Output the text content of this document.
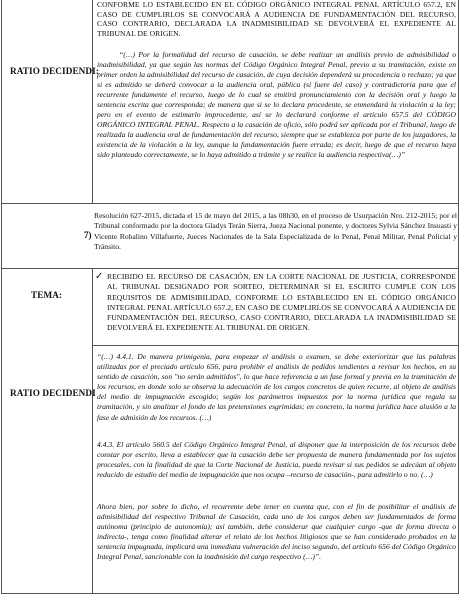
CONFORME LO ESTABLECIDO EN EL CÓDIGO ORGÁNICO INTEGRAL PENAL ARTÍCULO 657.2, EN CASO DE CUMPLIRLOS SE CONVOCARÁ A AUDIENCIA DE FUNDAMENTACIÓN DEL RECURSO, CASO CONTRARIO, DECLARADA LA INADMISIBILIDAD SE DEVOLVERÁ EL EXPEDIENTE AL TRIBUNAL DE ORIGEN.
RATIO DECIDENDI:
“(…) Por la formalidad del recurso de casación, se debe realizar un análisis previo de admisibilidad o inadmisibilidad, ya que según las normas del Código Orgánico Integral Penal, previo a su tramitación, existe en primer orden la admisibilidad del recurso de casación, de cuya decisión dependerá su procedencia o rechazo; ya que si es admitido se deberá convocar a la audiencia oral, pública (si fuere del caso) y contradictoria para que el recurrente fundamente el recurso, luego de lo cual se emitirá pronunciamiento con la decisión oral y luego la sentencia escrita que corresponda; de manera que si se lo declara procedente, se enmendará la violación a la ley; pero en el evento de estimarlo improcedente, así se lo declarará conforme el artículo 657.5 del CÓDIGO ORGÁNICO INTEGRAL PENAL. Respecto a la casación de oficio, sólo podrá ser aplicada por el Tribunal, luego de realizada la audiencia oral de fundamentación del recurso, siempre que se establezca por parte de los juzgadores, la existencia de la violación a la ley, aunque la fundamentación fuere errada; es decir, luego de que el recurso haya sido planteado correctamente, se lo haya admitido a trámite y se realice la audiencia respectiva(…)”
7)
Resolución 627-2015, dictada el 15 de mayo del 2015, a las 08h30, en el proceso de Usurpación Nro. 212-2015; por el Tribunal conformado por la doctora Gladys Terán Sierra, Jueza Nacional ponente, y doctores Sylvia Sánchez Insuasti y Vicente Robalino Villafuerte, Jueces Nacionales de la Sala Especializada de lo Penal, Penal Militar, Penal Policial y Tránsito.
TEMA:
✓ RECIBIDO EL RECURSO DE CASACIÓN, EN LA CORTE NACIONAL DE JUSTICIA, CORRESPONDE AL TRIBUNAL DESIGNADO POR SORTEO, DETERMINAR SI EL ESCRITO CUMPLE CON LOS REQUISITOS DE ADMISIBILIDAD, CONFORME LO ESTABLECIDO EN EL CÓDIGO ORGÁNICO INTEGRAL PENAL ARTÍCULO 657.2, EN CASO DE CUMPLIRLOS SE CONVOCARÁ A AUDIENCIA DE FUNDAMENTACIÓN DEL RECURSO, CASO CONTRARIO, DECLARADA LA INADMISIBILIDAD SE DEVOLVERÁ EL EXPEDIENTE AL TRIBUNAL DE ORIGEN.
RATIO DECIDENDI
“(…) 4.4.1. De manera primigenia, para empezar el análisis o examen, se debe exteriorizar que las palabras utilizadas por el preciado artículo 656, para prohibir el análisis de pedidos tendientes a revisar los hechos, en su sentido de casación, son "no serán admitidos", lo que hace referencia a un fase formal y previa en la tramitación de los recursos, en donde solo se observa la adecuación de los cargos concretos de quien recurre, al objeto de análisis del medio de impugnación escogido; según los parámetros impuestos por la norma jurídica que regula su tramitación, y sin analizar el fondo de las pretensiones esgrimidas; en concreto, la norma jurídica hace alusión a la fase de admisión de los recursos. (…)
4.4.3. El artículo 560.5 del Código Orgánico Integral Penal, al disponer que la interposición de los recursos debe constar por escrito, lleva a establecer que la casación debe ser propuesta de manera fundamentada por los sujetos procesales, con la finalidad de que la Corte Nacional de Justicia, pueda revisar si sus pedidos se adecúan al objeto reducido de estudio del medio de impugnación que nos ocupa –recurso de casación-, para admitirlo o no. (…)
Ahora bien, por sobre lo dicho, el recurrente debe tener en cuenta que, con el fin de posibilitar el análisis de admisibilidad del respectivo Tribunal de Casación, cada uno de los cargos deben ser fundamentados de forma autónoma (principio de autonomía); así también, debe considerar que cualquier cargo -que de forma directa o indirecta-, tenga como finalidad alterar el relato de los hechos litigiosos que se han considerado probados en la sentencia impugnada, implicará una inmediata vulneración del inciso segundo, del artículo 656 del Código Orgánico Integral Penal, sancionable con la inadmisión del cargo respectivo (…)”.
